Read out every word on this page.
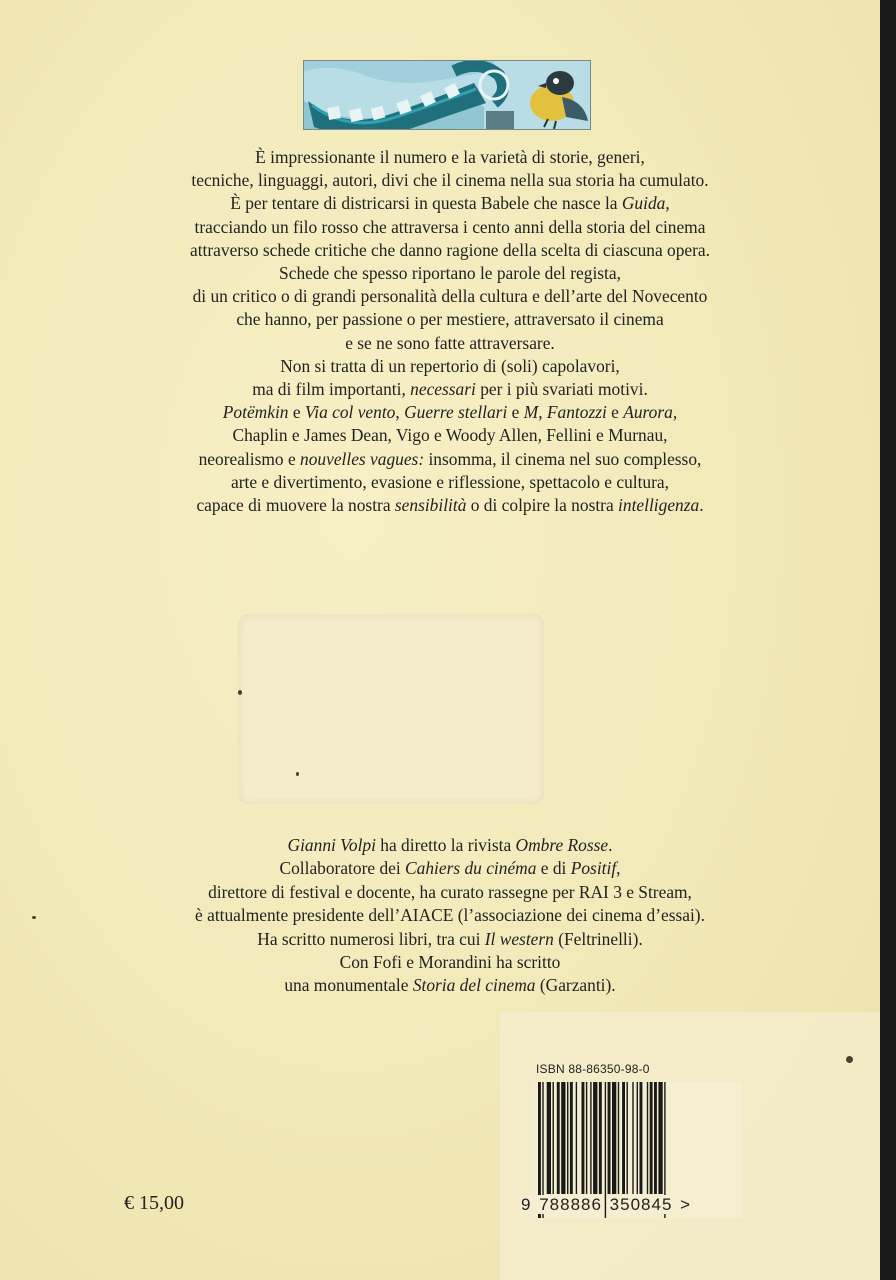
È impressionante il numero e la varietà di storie, generi,

tecniche, linguaggi, autori, divi che il cinema nella sua storia ha cumulato.

È per tentare di districarsi in questa Babele che nasce la Guida,

tracciando un filo rosso che attraversa i cento anni della storia del cinema

attraverso schede critiche che danno ragione della scelta di ciascuna opera.

Schede che spesso riportano le parole del regista,

di un critico o di grandi personalità della cultura e dell’arte del Novecento

che hanno, per passione o per mestiere, attraversato il cinema

e se ne sono fatte attraversare.

Non si tratta di un repertorio di (soli) capolavori,

ma di film importanti, necessari per i più svariati motivi.

Potëmkin e Via col vento, Guerre stellari e M, Fantozzi e Aurora,

Chaplin e James Dean, Vigo e Woody Allen, Fellini e Murnau,

neorealismo e nouvelles vagues: insomma, il cinema nel suo complesso,

arte e divertimento, evasione e riflessione, spettacolo e cultura,

capace di muovere la nostra sensibilità o di colpire la nostra intelligenza.

Gianni Volpi ha diretto la rivista Ombre Rosse.

Collaboratore dei Cahiers du cinéma e di Positif,

direttore di festival e docente, ha curato rassegne per RAI 3 e Stream,

è attualmente presidente dell’AIACE (l’associazione dei cinema d’essai).

Ha scritto numerosi libri, tra cui Il western (Feltrinelli).

Con Fofi e Morandini ha scritto

una monumentale Storia del cinema (Garzanti).

ISBN 88-86350-98-0
9 788886 350845 >
€ 15,00
